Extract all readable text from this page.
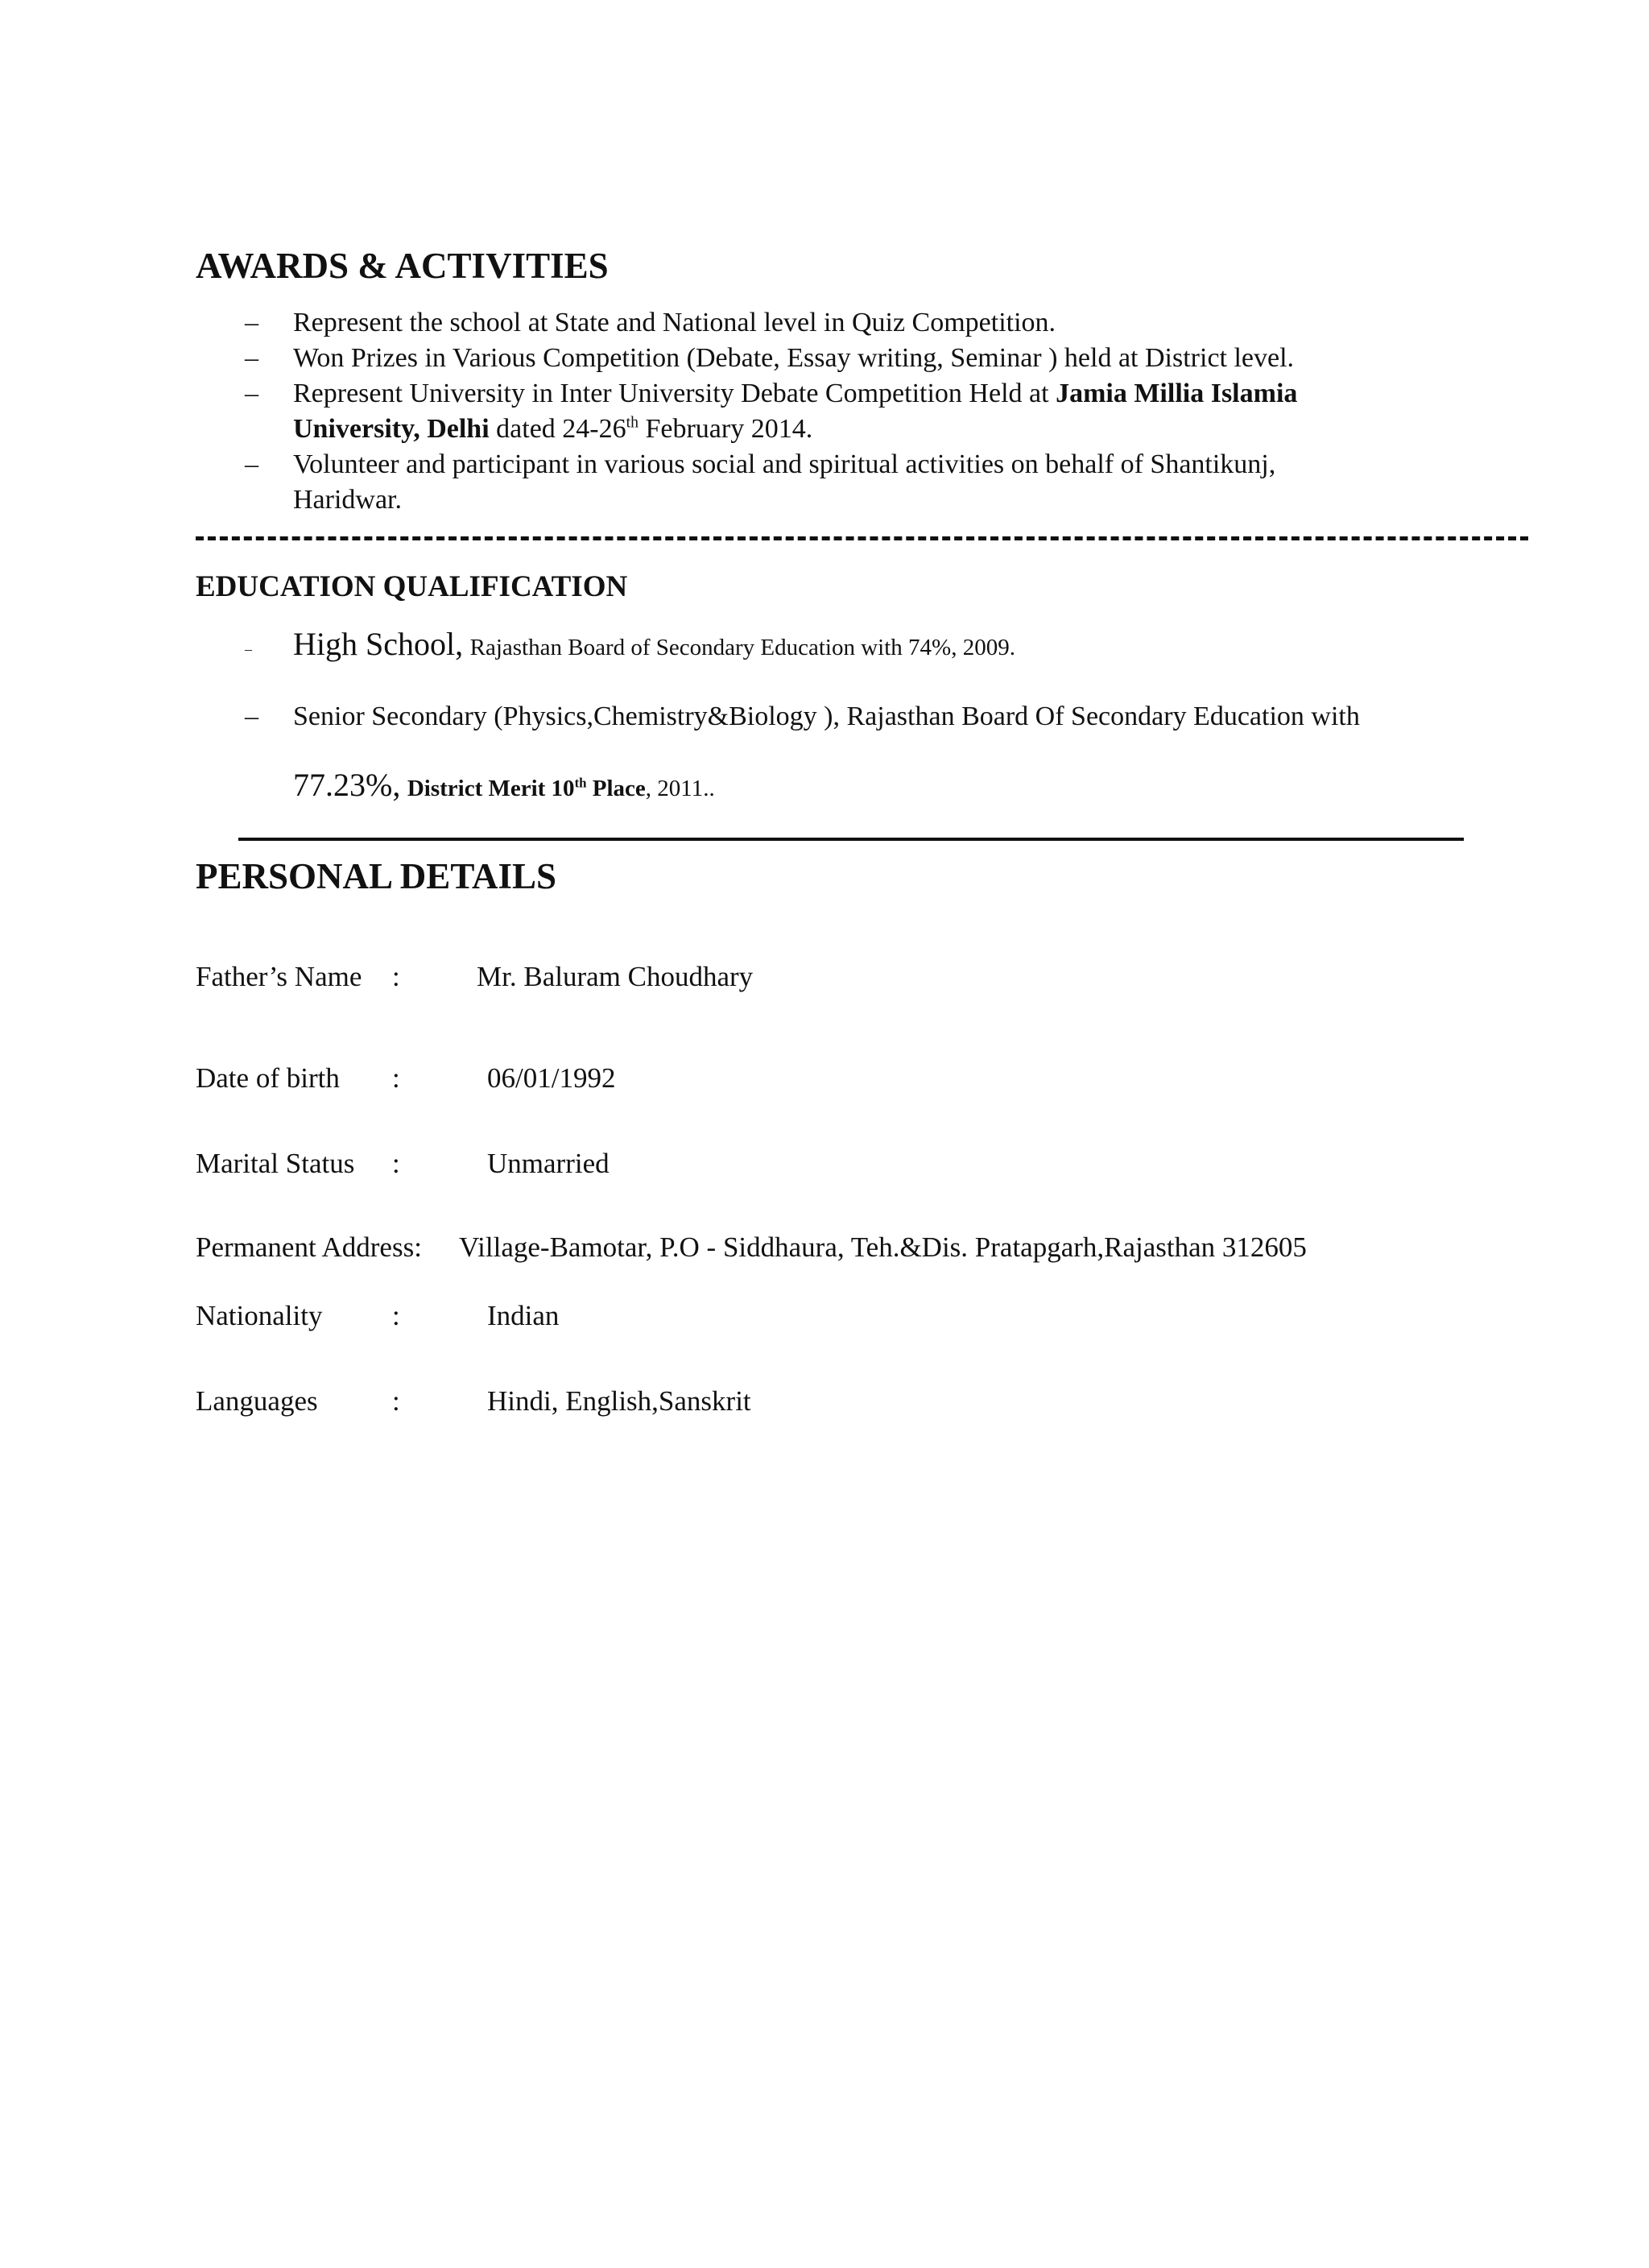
AWARDS & ACTIVITIES
– Represent the school at State and National level in Quiz Competition.
– Won Prizes in Various Competition (Debate, Essay writing, Seminar ) held at District level.
– Represent University in Inter University Debate Competition Held at Jamia Millia Islamia University, Delhi dated 24-26th February 2014.
– Volunteer and participant in various social and spiritual activities on behalf of Shantikunj,
Haridwar.
EDUCATION QUALIFICATION
– High School, Rajasthan Board of Secondary Education with 74%, 2009.
– Senior Secondary (Physics,Chemistry&Biology ), Rajasthan Board Of Secondary Education with
77.23%, District Merit 10th Place, 2011..
PERSONAL DETAILS
Father’s Name :	Mr. Baluram Choudhary
Date of birth :	06/01/1992
Marital Status :	Unmarried
Permanent Address: Village-Bamotar, P.O - Siddhaura, Teh.&Dis. Pratapgarh,Rajasthan 312605
Nationality :	Indian
Languages	:	Hindi, English,Sanskrit
